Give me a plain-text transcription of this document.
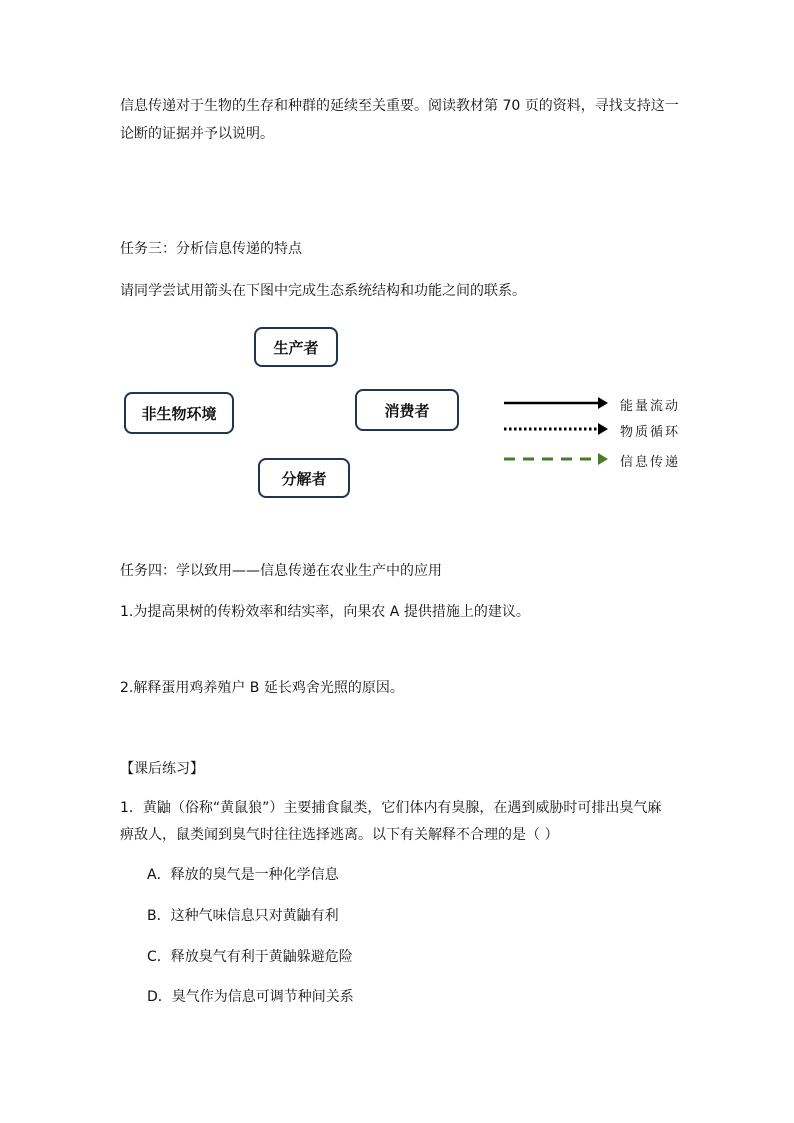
信息传递对于生物的生存和种群的延续至关重要。阅读教材第 70 页的资料，寻找支持这一
论断的证据并予以说明。
任务三：分析信息传递的特点
请同学尝试用箭头在下图中完成生态系统结构和功能之间的联系。
生产者
非生物环境	消费者
分解者
能量流动
物质循环
信息传递
任务四：学以致用——信息传递在农业生产中的应用
1.为提高果树的传粉效率和结实率，向果农 A 提供措施上的建议。
2.解释蛋用鸡养殖户 B 延长鸡舍光照的原因。
【课后练习】
1．黄鼬（俗称“黄鼠狼”）主要捕食鼠类，它们体内有臭腺，在遇到威胁时可排出臭气麻
痹敌人，鼠类闻到臭气时往往选择逃离。以下有关解释不合理的是（ ）
A．释放的臭气是一种化学信息
B．这种气味信息只对黄鼬有利
C．释放臭气有利于黄鼬躲避危险
D．臭气作为信息可调节种间关系
